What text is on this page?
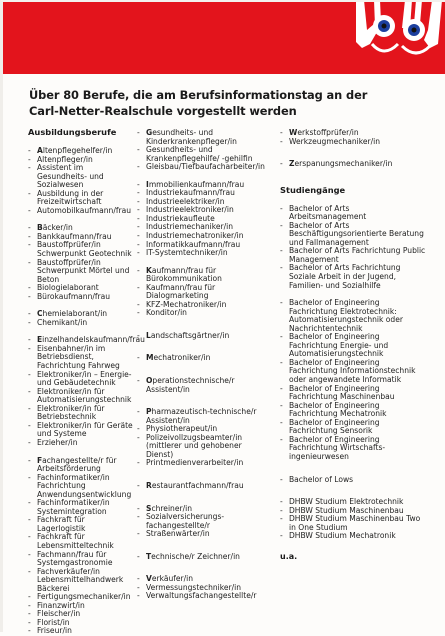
Über 80 Berufe, die am Berufsinformationstag an der
Carl-Netter-Realschule vorgestellt werden
Ausbildungsberufe
- Altenpflegehelfer/in
- Altenpfleger/in
- Assistent im Gesundheits- und Sozialwesen
- Ausbildung in der Freizeitwirtschaft
- Automobilkaufmann/frau
- Bäcker/in
- Bankkaufmann/frau
- Baustoffprüfer/in Schwerpunkt Geotechnik
- Baustoffprüfer/in Schwerpunkt Mörtel und Beton
- Biologielaborant
- Bürokaufmann/frau
- Chemielaborant/in
- Chemikant/in
- Einzelhandelskaufmann/frau
- Eisenbahner/in im Betriebsdienst, Fachrichtung Fahrweg
- Elektroniker/in – Energie- und Gebäudetechnik
- Elektroniker/in für Automatisierungstechnik
- Elektroniker/in für Betriebstechnik
- Elektroniker/in für Geräte und Systeme
- Erzieher/in
- Fachangestellte/r für Arbeitsförderung
- Fachinformatiker/in Fachrichtung Anwendungsentwicklung
- Fachinformatiker/in Systemintegration
- Fachkraft für Lagerlogistik
- Fachkraft für Lebensmitteltechnik
- Fachmann/frau für Systemgastronomie
- Fachverkäufer/in Lebensmittelhandwerk Bäckerei
- Fertigungsmechaniker/in
- Finanzwirt/in
- Fleischer/in
- Florist/in
- Friseur/in
- Gesundheits- und Kinderkrankenpfleger/in
- Gesundheits- und Krankenpflegehilfe/ -gehilfin
- Gleisbau/Tiefbaufacharbeiter/in
- Immobilienkaufmann/frau
- Industriekaufmann/frau
- Industrieelektriker/in
- Industrieelektroniker/in
- Industriekaufleute
- Industriemechaniker/in
- Industriemechatroniker/in
- Informatikkaufmann/frau
- IT-Systemtechniker/in
- Kaufmann/frau für Bürokommunikation
- Kaufmann/frau für Dialogmarketing
- KFZ-Mechatroniker/in
- Konditor/in
- Landschaftsgärtner/in
- Mechatroniker/in
- Operationstechnische/r Assistent/in
- Pharmazeutisch-technische/r Assistent/in
- Physiotherapeut/in
- Polizeivollzugsbeamter/in (mittlerer und gehobener Dienst)
- Printmedienverarbeiter/in
- Restaurantfachmann/frau
- Schreiner/in
- Sozialversicherungs-fachangestellte/r
- Straßenwärter/in
- Technische/r Zeichner/in
- Verkäufer/in
- Vermessungstechniker/in
- Verwaltungsfachangestellte/r
- Werkstoffprüfer/in
- Werkzeugmechaniker/in
- Zerspanungsmechaniker/in
Studiengänge
- Bachelor of Arts Arbeitsmanagement
- Bachelor of Arts Beschäftigungsorientierte Beratung und Fallmanagement
- Bachelor of Arts Fachrichtung Public Management
- Bachelor of Arts Fachrichtung Soziale Arbeit in der Jugend, Familien- und Sozialhilfe
- Bachelor of Engineering Fachrichtung Elektrotechnik: Automatisierungstechnik oder Nachrichtentechnik
- Bachelor of Engineering Fachrichtung Energie- und Automatisierungstechnik
- Bachelor of Engineering Fachrichtung Informationstechnik oder angewandete Informatik
- Bachelor of Engineering Fachrichtung Maschinenbau
- Bachelor of Engineering Fachrichtung Mechatronik
- Bachelor of Engineering Fachrichtung Sensorik
- Bachelor of Engineering Fachrichtung Wirtschafts-ingenieurwesen
- Bachelor of Lows
- DHBW Studium Elektrotechnik
- DHBW Studium Maschinenbau
- DHBW Studium Maschinenbau Two in One Studium
- DHBW Studium Mechatronik
u.a.
